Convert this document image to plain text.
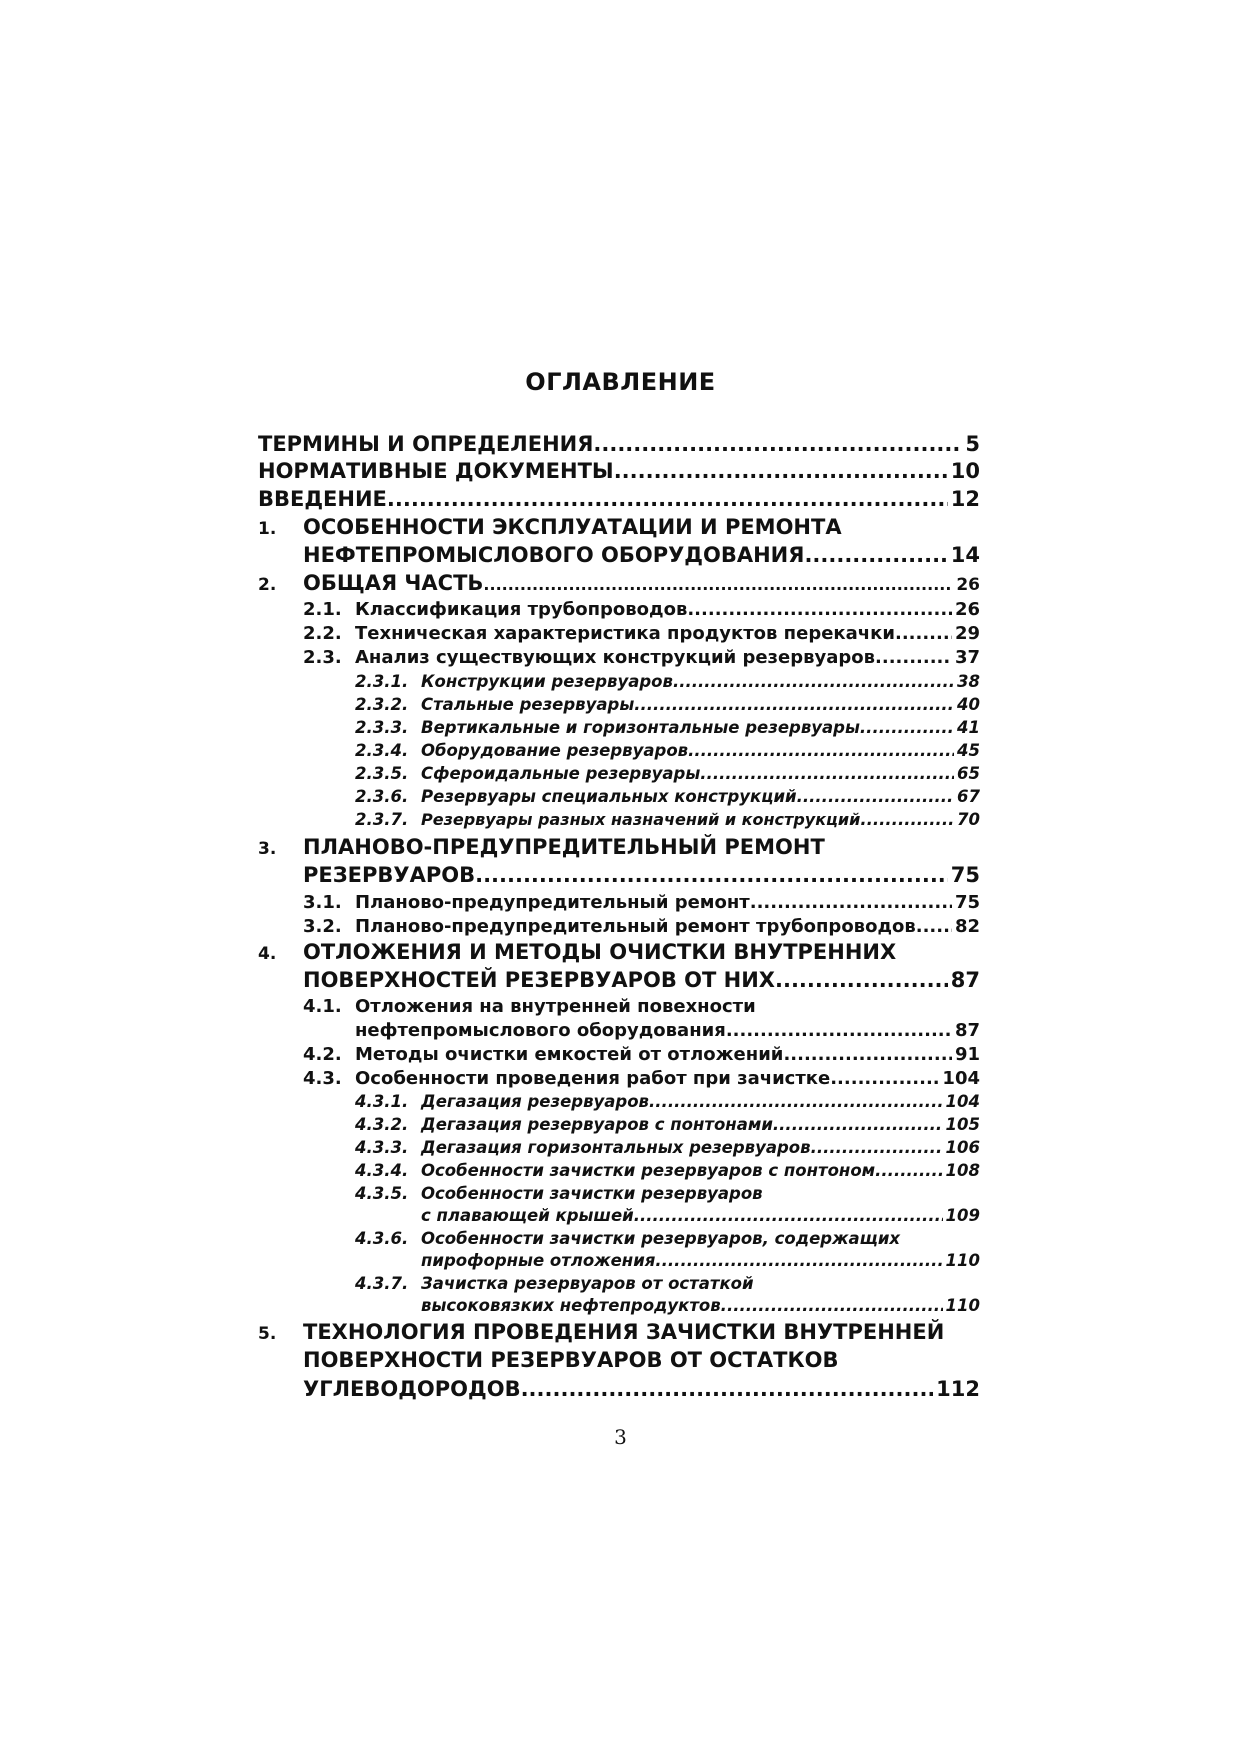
ОГЛАВЛЕНИЕ
ТЕРМИНЫ И ОПРЕДЕЛЕНИЯ .....	5
НОРМАТИВНЫЕ ДОКУМЕНТЫ .....	10
ВВЕДЕНИЕ .....	12
1.	ОСОБЕННОСТИ ЭКСПЛУАТАЦИИ И РЕМОНТА
НЕФТЕПРОМЫСЛОВОГО ОБОРУДОВАНИЯ .....	14
2.	ОБЩАЯ ЧАСТЬ .....	26
2.1. Классификация трубопроводов .....	26
2.2. Техническая характеристика продуктов перекачки .....	29
2.3. Анализ существующих конструкций резервуаров .....	37
2.3.1. Конструкции резервуаров .....	38
2.3.2. Стальные резервуары .....	40
2.3.3. Вертикальные и горизонтальные резервуары .....	41
2.3.4. Оборудование резервуаров .....	45
2.3.5. Сфероидальные резервуары .....	65
2.3.6. Резервуары специальных конструкций .....	67
2.3.7. Резервуары разных назначений и конструкций .....	70
3.	ПЛАНОВО-ПРЕДУПРЕДИТЕЛЬНЫЙ РЕМОНТ
РЕЗЕРВУАРОВ .....	75
3.1. Планово-предупредительный ремонт .....	75
3.2. Планово-предупредительный ремонт трубопроводов ..... 82
4.	ОТЛОЖЕНИЯ И МЕТОДЫ ОЧИСТКИ ВНУТРЕННИХ
ПОВЕРХНОСТЕЙ РЕЗЕРВУАРОВ ОТ НИХ .....	87
4.1. Отложения на внутренней повехности
нефтепромыслового оборудования .....	87
4.2. Методы очистки емкостей от отложений .....	91
4.3. Особенности проведения работ при зачистке .....	104
4.3.1. Дегазация резервуаров .....	104
4.3.2. Дегазация резервуаров с понтонами .....	105
4.3.3. Дегазация горизонтальных резервуаров .....	106
4.3.4. Особенности зачистки резервуаров с понтоном .....	108
4.3.5. Особенности зачистки резервуаров
с плавающей крышей .....	109
4.3.6. Особенности зачистки резервуаров, содержащих
пирофорные отложения .....	110
4.3.7. Зачистка резервуаров от остаткой
высоковязких нефтепродуктов .....	110
5.	ТЕХНОЛОГИЯ ПРОВЕДЕНИЯ ЗАЧИСТКИ ВНУТРЕННЕЙ
ПОВЕРХНОСТИ РЕЗЕРВУАРОВ ОТ ОСТАТКОВ
УГЛЕВОДОРОДОВ .....	112
3
